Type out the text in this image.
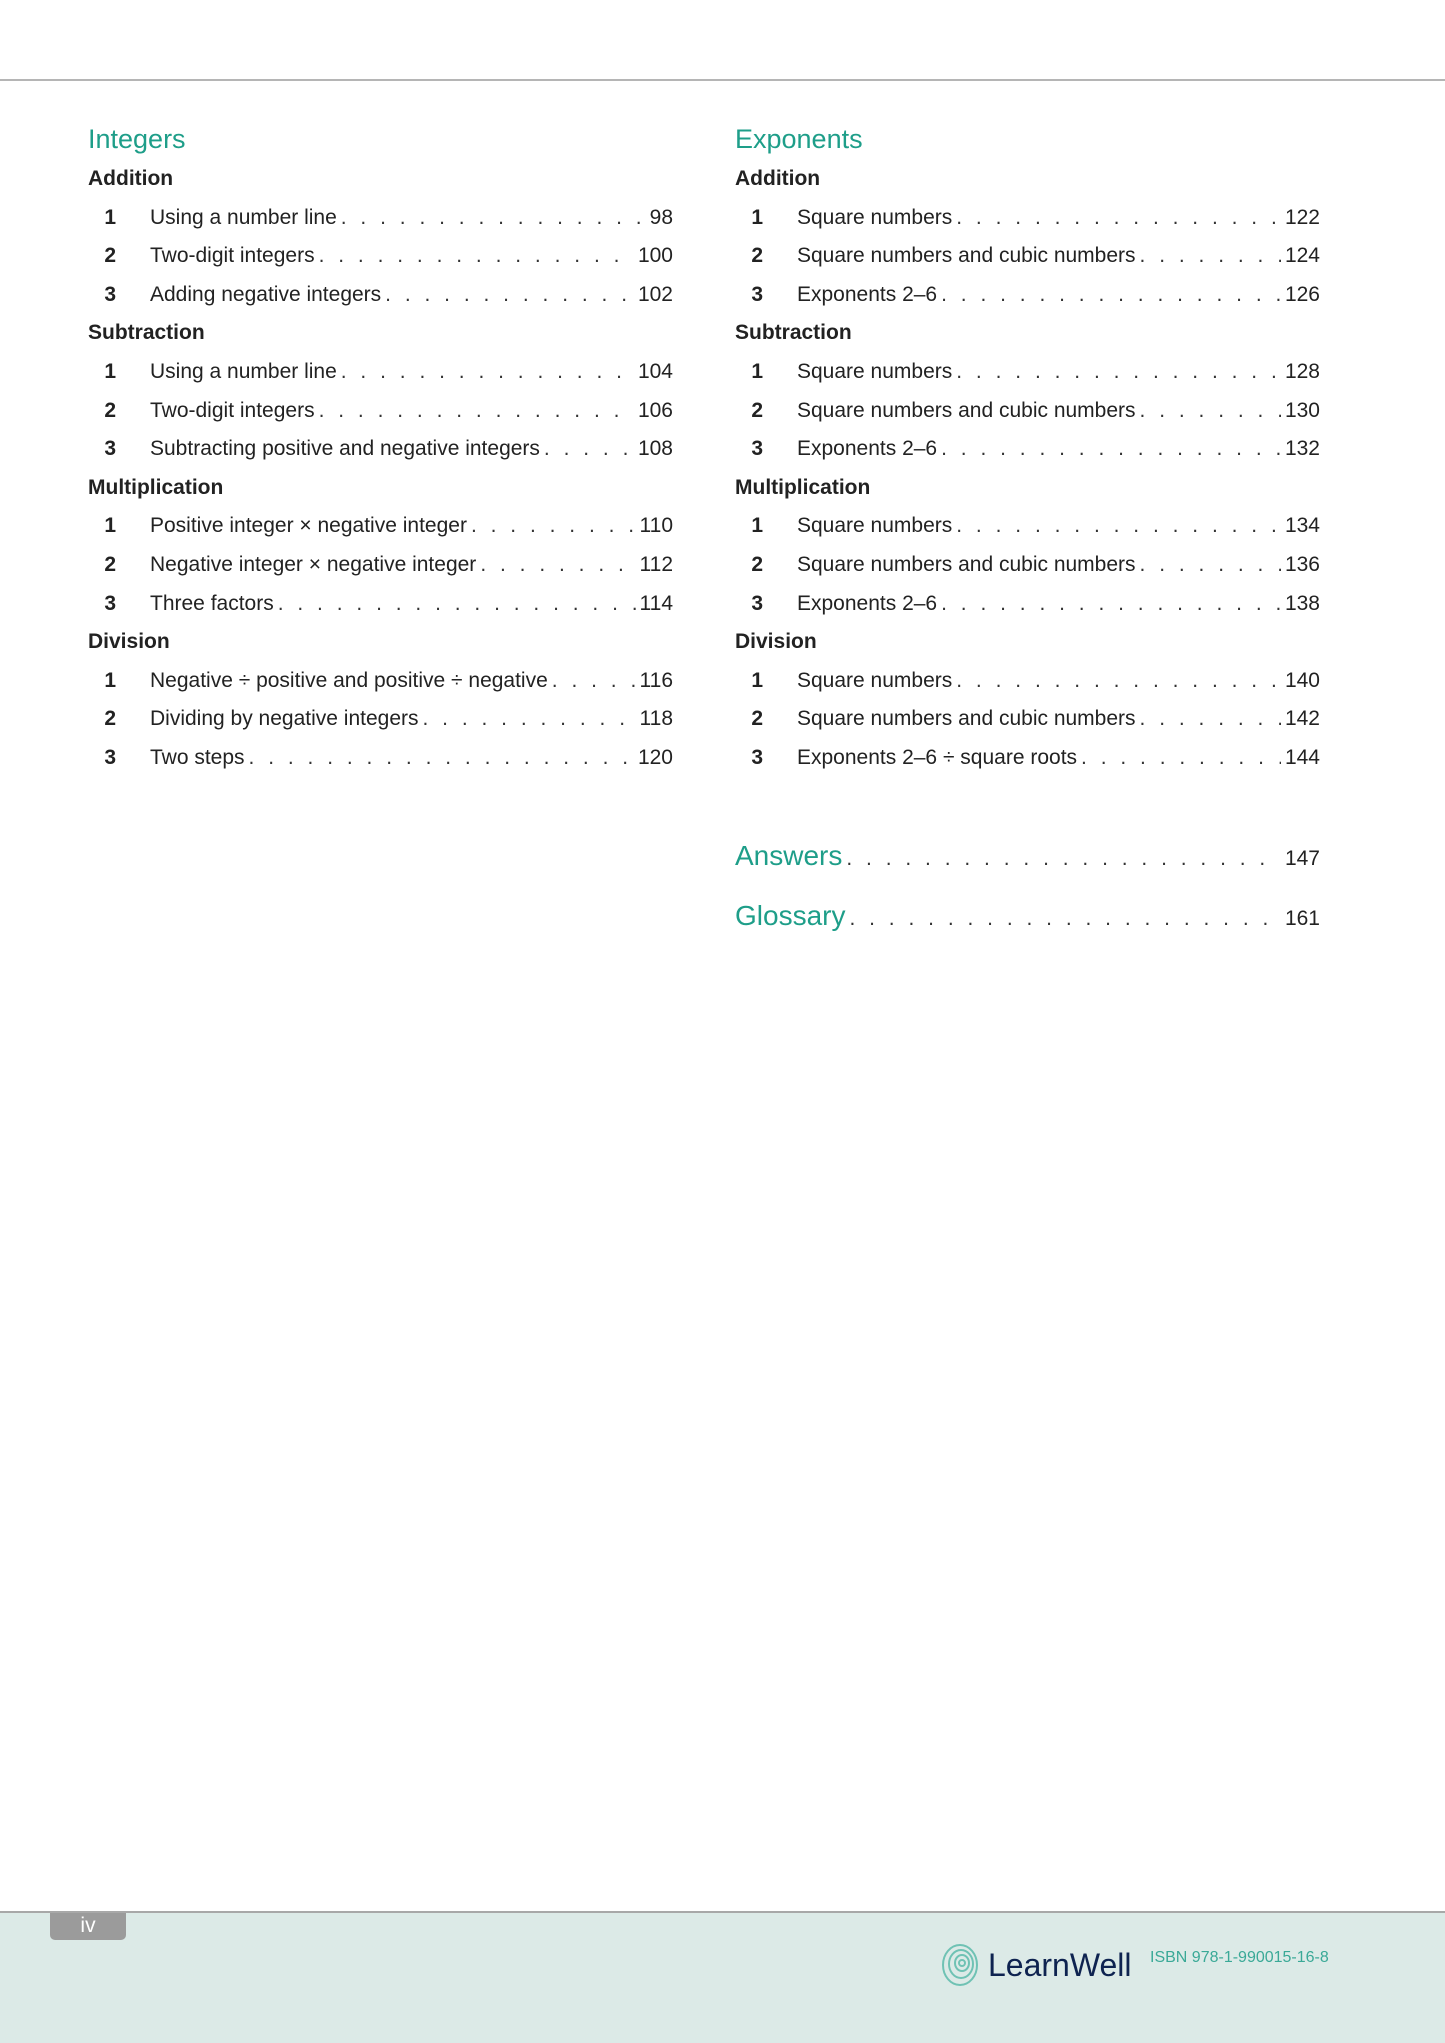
Integers
Addition
1	Using a number line . . .	98
2	Two-digit integers . . .	100
3	Adding negative integers . . .	102
Subtraction
1	Using a number line . . .	104
2	Two-digit integers . . .	106
3	Subtracting positive and negative integers . . .	108
Multiplication
1	Positive integer × negative integer . . .	110
2	Negative integer × negative integer . . .	112
3	Three factors . . .	114
Division
1	Negative ÷ positive and positive ÷ negative . . .	116
2	Dividing by negative integers . . .	118
3	Two steps . . .	120
Exponents
Addition
1	Square numbers . . .	122
2	Square numbers and cubic numbers . . .	124
3	Exponents 2–6 . . .	126
Subtraction
1	Square numbers . . .	128
2	Square numbers and cubic numbers . . .	130
3	Exponents 2–6 . . .	132
Multiplication
1	Square numbers . . .	134
2	Square numbers and cubic numbers . . .	136
3	Exponents 2–6 . . .	138
Division
1	Square numbers . . .	140
2	Square numbers and cubic numbers . . .	142
3	Exponents 2–6 ÷ square roots . . .	144
Answers . . .	147
Glossary . . .	161
iv
LearnWell ISBN 978-1-990015-16-8
